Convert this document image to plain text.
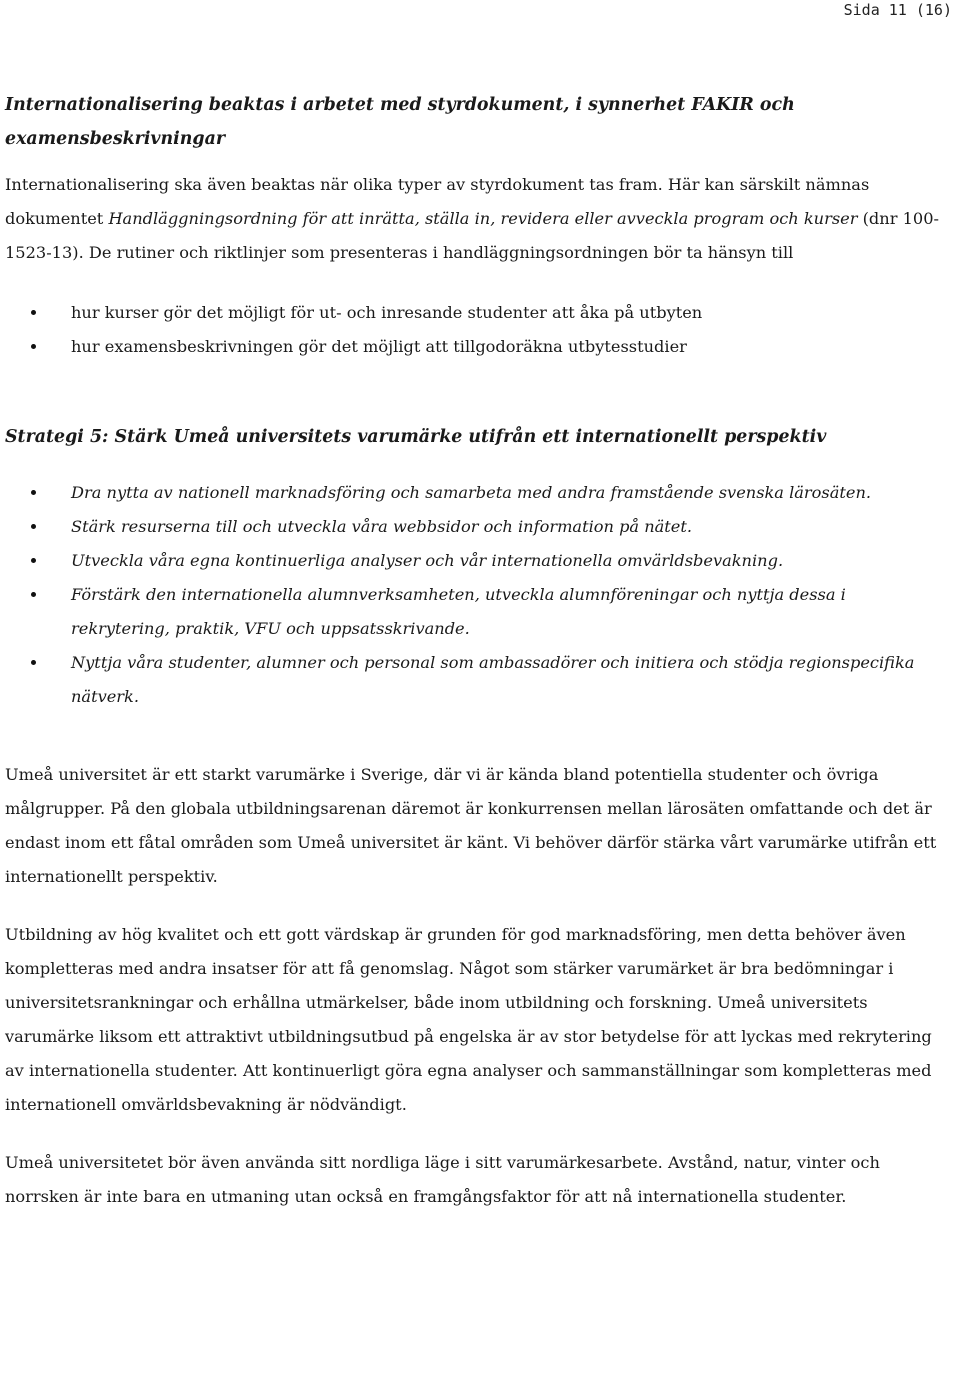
Sida 11 (16)
Internationalisering beaktas i arbetet med styrdokument, i synnerhet FAKIR och examensbeskrivningar

Internationalisering ska även beaktas när olika typer av styrdokument tas fram. Här kan särskilt nämnas dokumentet Handläggningsordning för att inrätta, ställa in, revidera eller avveckla program och kurser (dnr 100-1523-13). De rutiner och riktlinjer som presenteras i handläggningsordningen bör ta hänsyn till

hur kurser gör det möjligt för ut- och inresande studenter att åka på utbyten
hur examensbeskrivningen gör det möjligt att tillgodoräkna utbytesstudier
Strategi 5: Stärk Umeå universitets varumärke utifrån ett internationellt perspektiv
Dra nytta av nationell marknadsföring och samarbeta med andra framstående svenska lärosäten.
Stärk resurserna till och utveckla våra webbsidor och information på nätet.
Utveckla våra egna kontinuerliga analyser och vår internationella omvärldsbevakning.
Förstärk den internationella alumnverksamheten, utveckla alumnföreningar och nyttja dessa i rekrytering, praktik, VFU och uppsatsskrivande.
Nyttja våra studenter, alumner och personal som ambassadörer och initiera och stödja regionspecifika nätverk.

Umeå universitet är ett starkt varumärke i Sverige, där vi är kända bland potentiella studenter och övriga målgrupper. På den globala utbildningsarenan däremot är konkurrensen mellan lärosäten omfattande och det är endast inom ett fåtal områden som Umeå universitet är känt. Vi behöver därför stärka vårt varumärke utifrån ett internationellt perspektiv.

Utbildning av hög kvalitet och ett gott värdskap är grunden för god marknadsföring, men detta behöver även kompletteras med andra insatser för att få genomslag. Något som stärker varumärket är bra bedömningar i universitetsrankningar och erhållna utmärkelser, både inom utbildning och forskning. Umeå universitets varumärke liksom ett attraktivt utbildningsutbud på engelska är av stor betydelse för att lyckas med rekrytering av internationella studenter. Att kontinuerligt göra egna analyser och sammanställningar som kompletteras med internationell omvärldsbevakning är nödvändigt.

Umeå universitetet bör även använda sitt nordliga läge i sitt varumärkesarbete. Avstånd, natur, vinter och norrsken är inte bara en utmaning utan också en framgångsfaktor för att nå internationella studenter.
